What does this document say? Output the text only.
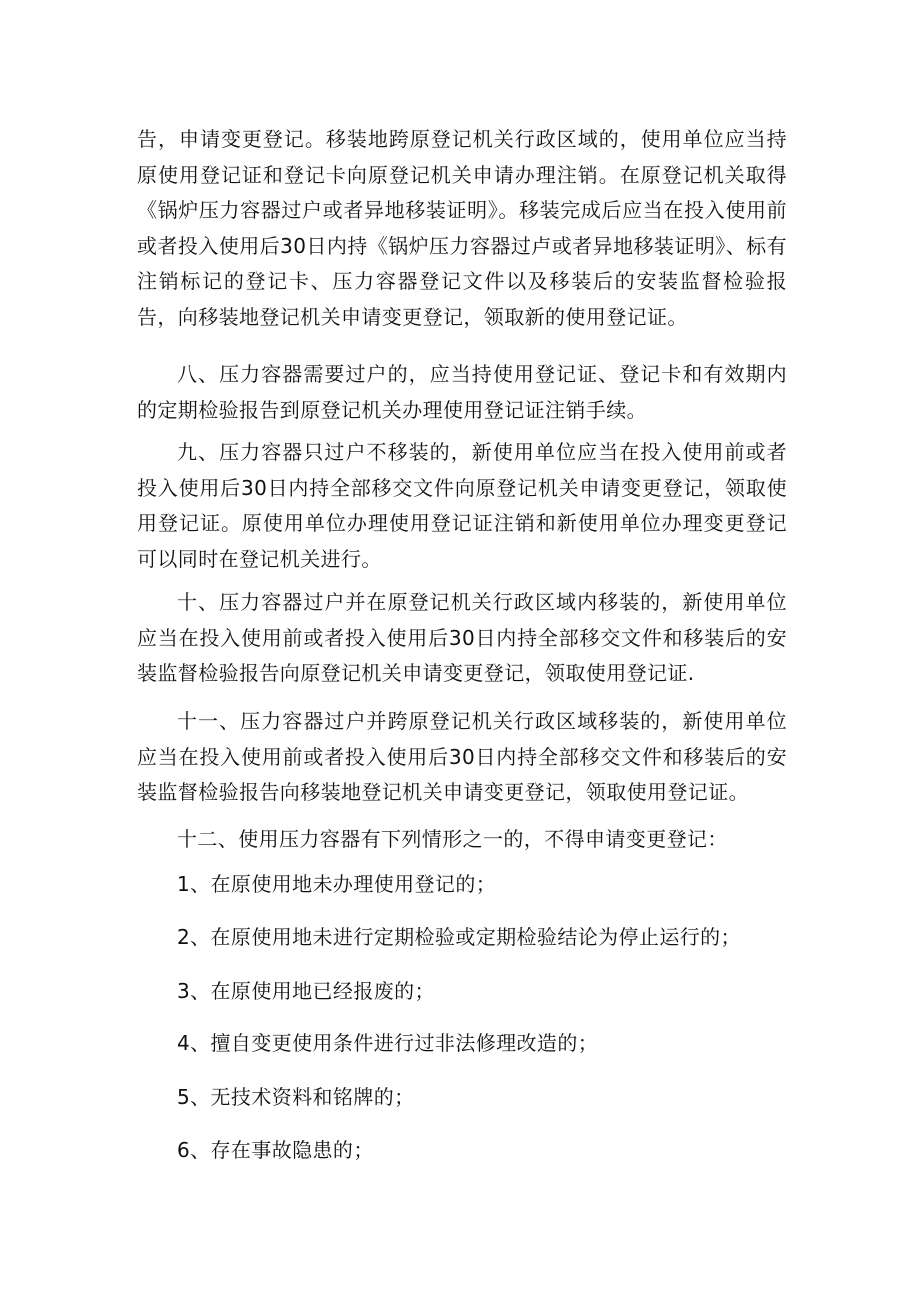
告，申请变更登记。移装地跨原登记机关行政区域的，使用单位应当持原使用登记证和登记卡向原登记机关申请办理注销。在原登记机关取得《锅炉压力容器过户或者异地移装证明》。移装完成后应当在投入使用前或者投入使用后30日内持《锅炉压力容器过卢或者异地移装证明》、标有注销标记的登记卡、压力容器登记文件以及移装后的安装监督检验报告，向移装地登记机关申请变更登记，领取新的使用登记证。

八、压力容器需要过户的，应当持使用登记证、登记卡和有效期内的定期检验报告到原登记机关办理使用登记证注销手续。

九、压力容器只过户不移装的，新使用单位应当在投入使用前或者投入使用后30日内持全部移交文件向原登记机关申请变更登记，领取使用登记证。原使用单位办理使用登记证注销和新使用单位办理变更登记可以同时在登记机关进行。

十、压力容器过户并在原登记机关行政区域内移装的，新使用单位应当在投入使用前或者投入使用后30日内持全部移交文件和移装后的安装监督检验报告向原登记机关申请变更登记，领取使用登记证.

十一、压力容器过户并跨原登记机关行政区域移装的，新使用单位应当在投入使用前或者投入使用后30日内持全部移交文件和移装后的安装监督检验报告向移装地登记机关申请变更登记，领取使用登记证。

十二、使用压力容器有下列情形之一的，不得申请变更登记：

1、在原使用地未办理使用登记的；

2、在原使用地未进行定期检验或定期检验结论为停止运行的；

3、在原使用地已经报废的；

4、擅自变更使用条件进行过非法修理改造的；

5、无技术资料和铭牌的；

6、存在事故隐患的；
